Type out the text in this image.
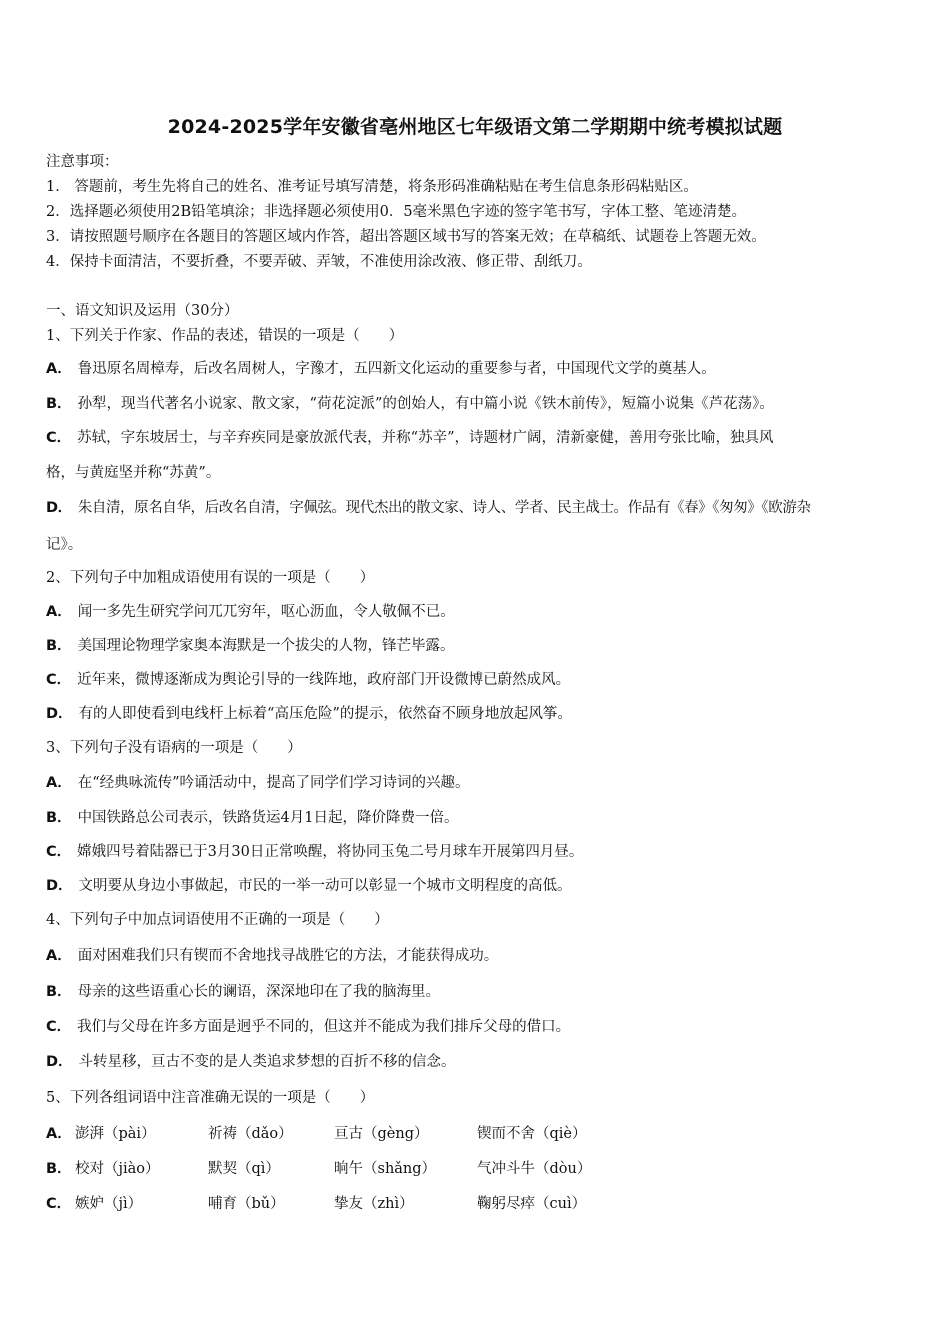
2024-2025学年安徽省亳州地区七年级语文第二学期期中统考模拟试题
注意事项：
1． 答题前，考生先将自己的姓名、准考证号填写清楚，将条形码准确粘贴在考生信息条形码粘贴区。
2．选择题必须使用2B铅笔填涂；非选择题必须使用0．5毫米黑色字迹的签字笔书写，字体工整、笔迹清楚。
3．请按照题号顺序在各题目的答题区域内作答，超出答题区域书写的答案无效；在草稿纸、试题卷上答题无效。
4．保持卡面清洁，不要折叠，不要弄破、弄皱，不准使用涂改液、修正带、刮纸刀。
一、语文知识及运用（30分）
1、下列关于作家、作品的表述，错误的一项是（　　）
A． 鲁迅原名周樟寿，后改名周树人，字豫才，五四新文化运动的重要参与者，中国现代文学的奠基人。
B． 孙犁，现当代著名小说家、散文家，“荷花淀派”的创始人，有中篇小说《铁木前传》，短篇小说集《芦花荡》。
C． 苏轼，字东坡居士，与辛弃疾同是豪放派代表，并称“苏辛”，诗题材广阔，清新豪健，善用夸张比喻，独具风
格，与黄庭坚并称“苏黄”。
D． 朱自清，原名自华，后改名自清，字佩弦。现代杰出的散文家、诗人、学者、民主战士。作品有《春》《匆匆》《欧游杂
记》。
2、下列句子中加粗成语使用有误的一项是（　　）
A． 闻一多先生研究学问兀兀穷年，呕心沥血，令人敬佩不已。
B． 美国理论物理学家奥本海默是一个拔尖的人物，锋芒毕露。
C． 近年来，微博逐渐成为舆论引导的一线阵地，政府部门开设微博已蔚然成风。
D． 有的人即使看到电线杆上标着“高压危险”的提示，依然奋不顾身地放起风筝。
3、下列句子没有语病的一项是（　　）
A． 在“经典咏流传”吟诵活动中，提高了同学们学习诗词的兴趣。
B． 中国铁路总公司表示，铁路货运4月1日起，降价降费一倍。
C． 嫦娥四号着陆器已于3月30日正常唤醒，将协同玉兔二号月球车开展第四月昼。
D． 文明要从身边小事做起，市民的一举一动可以彰显一个城市文明程度的高低。
4、下列句子中加点词语使用不正确的一项是（　　）
A． 面对困难我们只有锲而不舍地找寻战胜它的方法，才能获得成功。
B． 母亲的这些语重心长的谰语，深深地印在了我的脑海里。
C． 我们与父母在许多方面是迥乎不同的，但这并不能成为我们排斥父母的借口。
D． 斗转星移，亘古不变的是人类追求梦想的百折不移的信念。
5、下列各组词语中注音准确无误的一项是（　　）
A． 澎湃（pài）	祈祷（dǎo）	亘古（gèng）	锲而不舍（qiè）
B． 校对（jiào）	默契（qì）	晌午（shǎng）	气冲斗牛（dòu）
C． 嫉妒（jì）	哺育（bǔ）	挚友（zhì）	鞠躬尽瘁（cuì）
